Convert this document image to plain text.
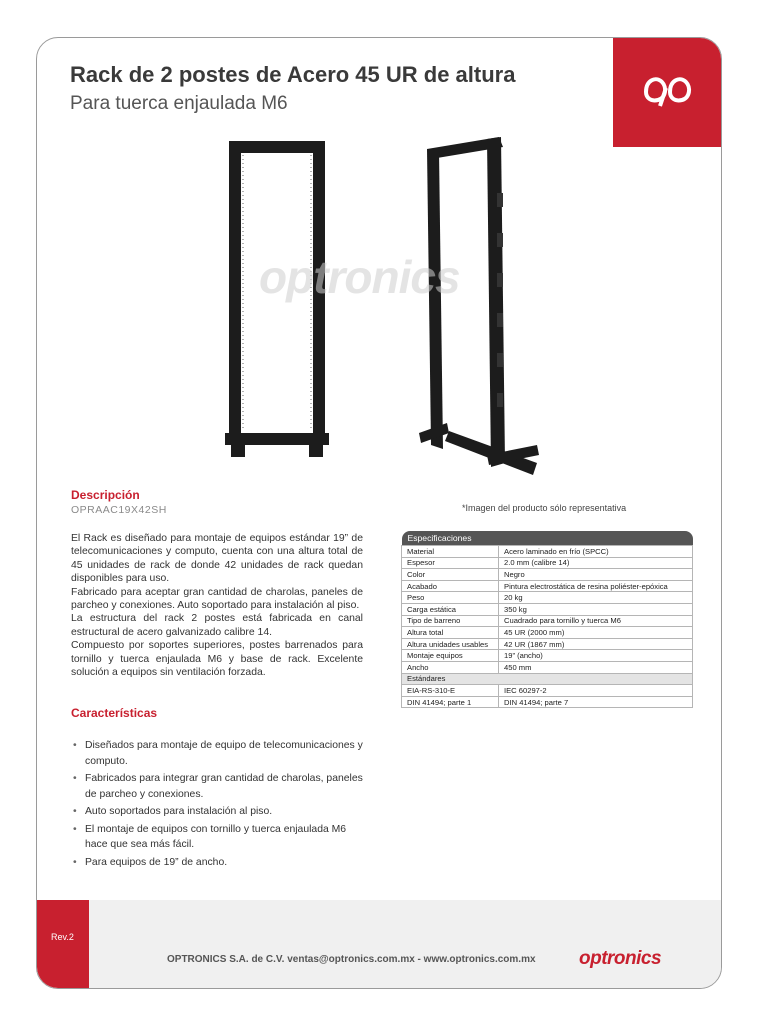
Rack de 2 postes de Acero 45 UR de altura
Para tuerca enjaulada M6
optronics
*Imagen del producto sólo representativa
Descripción
OPRAAC19X42SH

El Rack es diseñado para montaje de equipos estándar 19” de telecomunicaciones y computo, cuenta con una altura total de 45 unidades de rack de donde 42 unidades de rack quedan disponibles para uso.

Fabricado para aceptar gran cantidad de charolas, paneles de parcheo y conexiones. Auto soportado para instalación al piso.

La estructura del rack 2 postes está fabricada en canal estructural de acero galvanizado calibre 14.

Compuesto por soportes superiores, postes barrenados para tornillo y tuerca enjaulada M6 y base de rack. Excelente solución a equipos sin ventilación forzada.

Características
• Diseñados para montaje de equipo de telecomunicaciones y computo.
• Fabricados para integrar gran cantidad de charolas, paneles de parcheo y conexiones.
• Auto soportados para instalación al piso.
• El montaje de equipos con tornillo y tuerca enjaulada M6 hace que sea más fácil.
• Para equipos de 19” de ancho.
Especificaciones	
Material	Acero laminado en frío (SPCC)
Espesor	2.0 mm (calibre 14)
Color	Negro
Acabado	Pintura electrostática de resina poliéster-epóxica
Peso	20 kg
Carga estática	350 kg
Tipo de barreno	Cuadrado para tornillo y tuerca M6
Altura total	45 UR (2000 mm)
Altura unidades usables	42 UR (1867 mm)
Montaje equipos	19” (ancho)
Ancho	450 mm
Estándares	
EIA-RS-310-E	IEC 60297-2
DIN 41494; parte 1	DIN 41494; parte 7
Rev.2
OPTRONICS S.A. de C.V. ventas@optronics.com.mx - www.optronics.com.mx optronics
